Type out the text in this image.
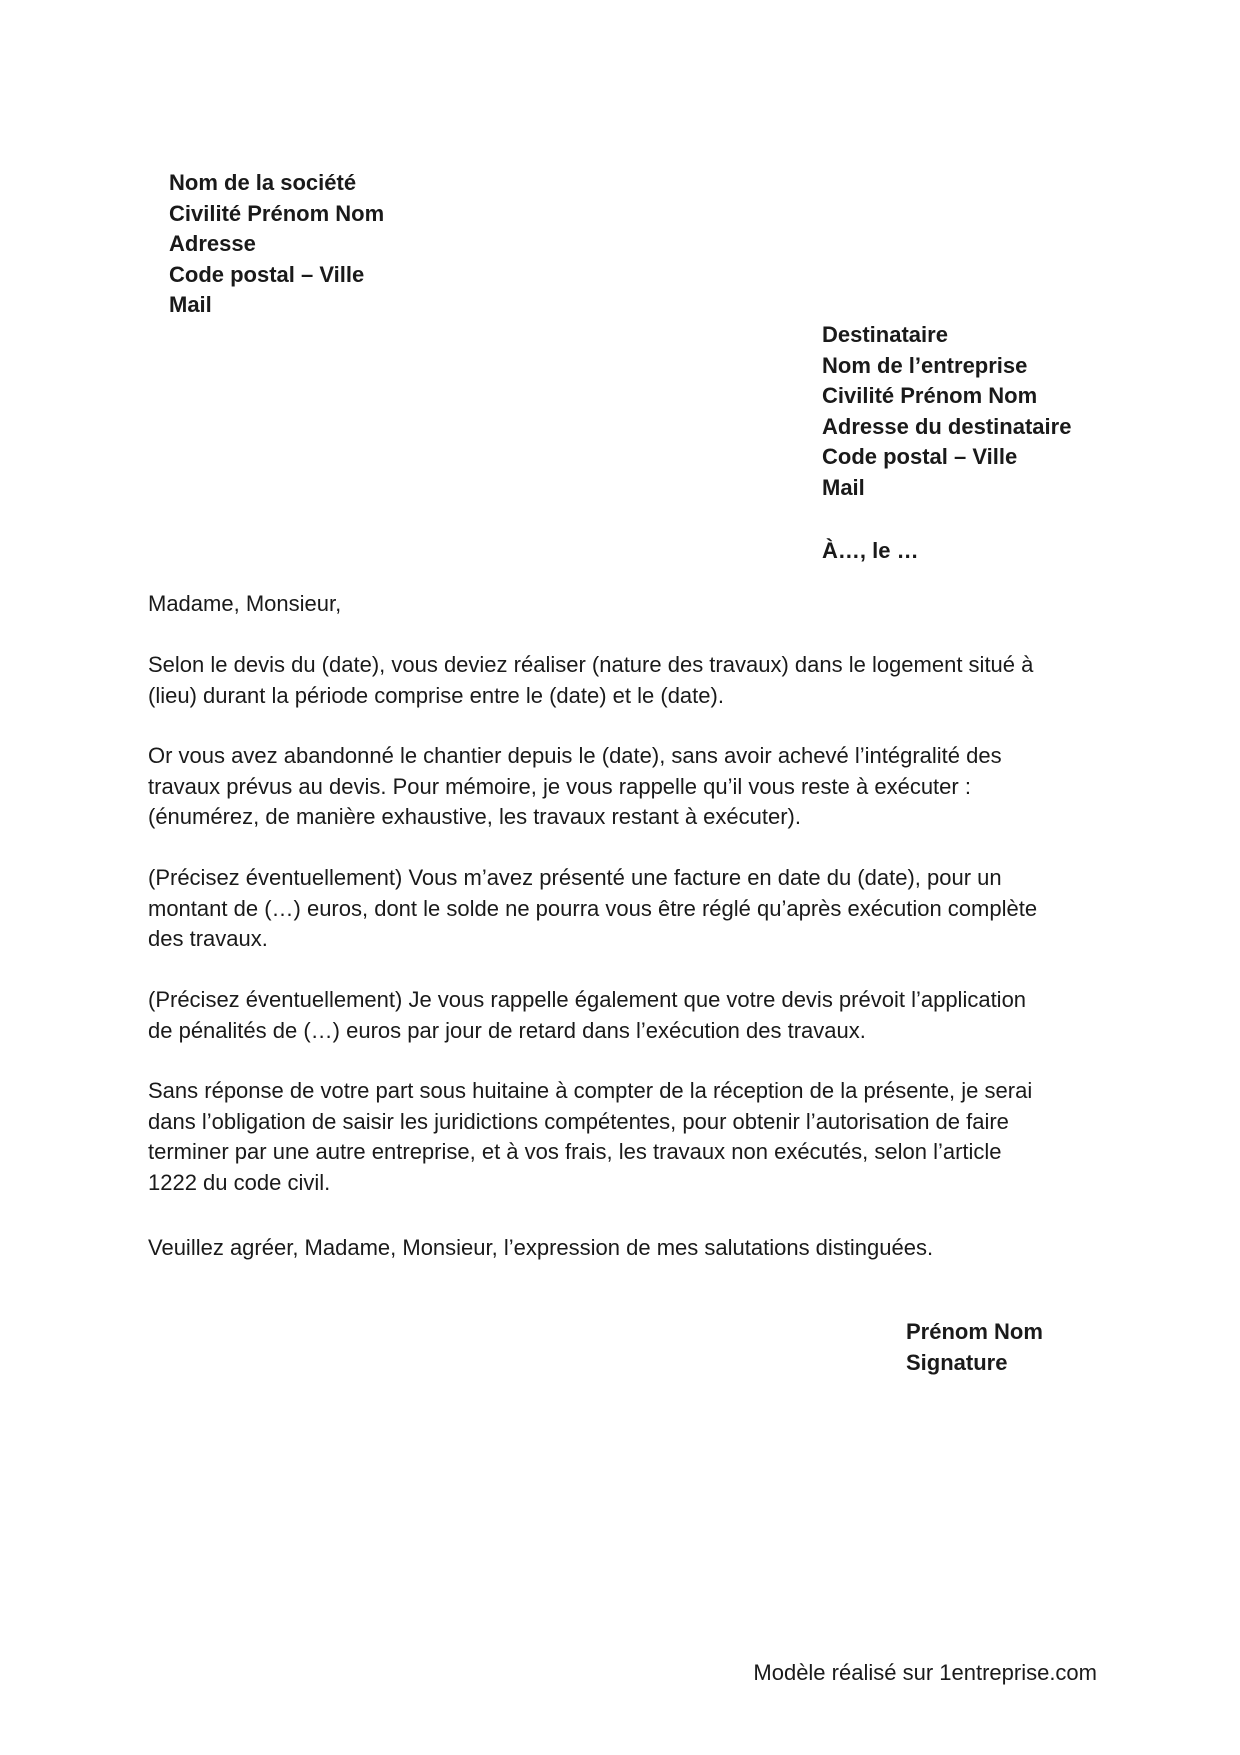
Nom de la société
Civilité Prénom Nom
Adresse
Code postal – Ville
Mail
Destinataire
Nom de l’entreprise
Civilité Prénom Nom
Adresse du destinataire
Code postal – Ville
Mail
À…, le …

Madame, Monsieur,

Selon le devis du (date), vous deviez réaliser (nature des travaux) dans le logement situé à

(lieu) durant la période comprise entre le (date) et le (date).

Or vous avez abandonné le chantier depuis le (date), sans avoir achevé l’intégralité des

travaux prévus au devis. Pour mémoire, je vous rappelle qu’il vous reste à exécuter :

(énumérez, de manière exhaustive, les travaux restant à exécuter).

(Précisez éventuellement) Vous m’avez présenté une facture en date du (date), pour un

montant de (…) euros, dont le solde ne pourra vous être réglé qu’après exécution complète

des travaux.

(Précisez éventuellement) Je vous rappelle également que votre devis prévoit l’application

de pénalités de (…) euros par jour de retard dans l’exécution des travaux.

Sans réponse de votre part sous huitaine à compter de la réception de la présente, je serai

dans l’obligation de saisir les juridictions compétentes, pour obtenir l’autorisation de faire

terminer par une autre entreprise, et à vos frais, les travaux non exécutés, selon l’article

1222 du code civil.

Veuillez agréer, Madame, Monsieur, l’expression de mes salutations distinguées.

Prénom Nom
Signature
Modèle réalisé sur 1entreprise.com
